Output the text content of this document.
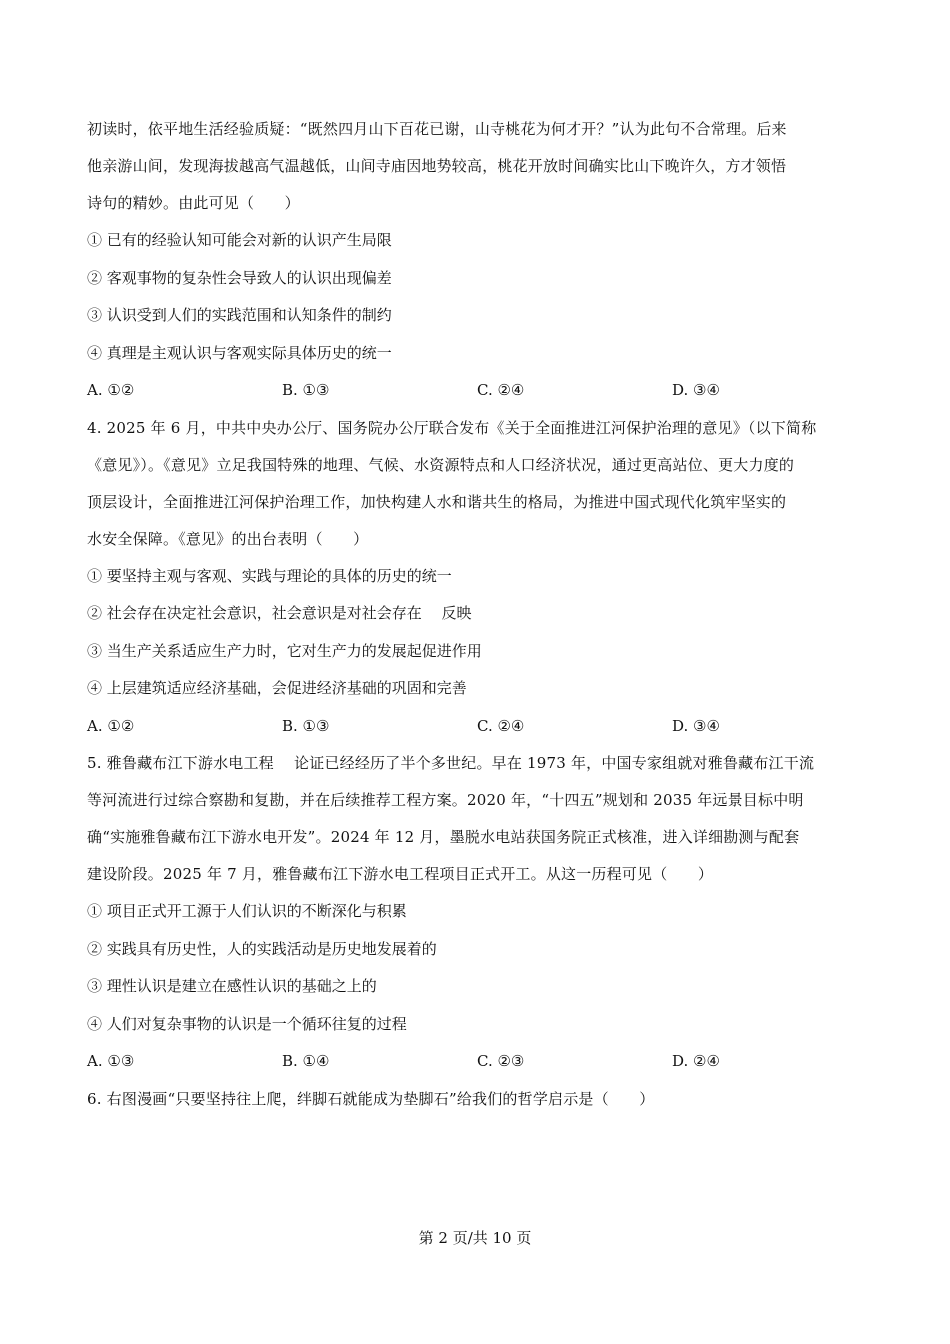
初读时，依平地生活经验质疑：“既然四月山下百花已谢，山寺桃花为何才开？”认为此句不合常理。后来

他亲游山间，发现海拔越高气温越低，山间寺庙因地势较高，桃花开放时间确实比山下晚许久，方才领悟

诗句的精妙。由此可见（　　）

① 已有的经验认知可能会对新的认识产生局限

② 客观事物的复杂性会导致人的认识出现偏差

③ 认识受到人们的实践范围和认知条件的制约

④ 真理是主观认识与客观实际具体历史的统一

A. ①②	B. ①③	C. ②④	D. ③④

4. 2025 年 6 月，中共中央办公厅、国务院办公厅联合发布《关于全面推进江河保护治理的意见》（以下简称

《意见》）。《意见》立足我国特殊的地理、气候、水资源特点和人口经济状况，通过更高站位、更大力度的

顶层设计，全面推进江河保护治理工作，加快构建人水和谐共生的格局，为推进中国式现代化筑牢坚实的

水安全保障。《意见》的出台表明（　　）

① 要坚持主观与客观、实践与理论的具体的历史的统一

② 社会存在决定社会意识，社会意识是对社会存在　 反映

③ 当生产关系适应生产力时，它对生产力的发展起促进作用

④ 上层建筑适应经济基础，会促进经济基础的巩固和完善

A. ①②	B. ①③	C. ②④	D. ③④

5. 雅鲁藏布江下游水电工程　 论证已经经历了半个多世纪。早在 1973 年，中国专家组就对雅鲁藏布江干流

等河流进行过综合察勘和复勘，并在后续推荐工程方案。2020 年，“十四五”规划和 2035 年远景目标中明

确“实施雅鲁藏布江下游水电开发”。2024 年 12 月，墨脱水电站获国务院正式核准，进入详细勘测与配套

建设阶段。2025 年 7 月，雅鲁藏布江下游水电工程项目正式开工。从这一历程可见（　　）

① 项目正式开工源于人们认识的不断深化与积累

② 实践具有历史性，人的实践活动是历史地发展着的

③ 理性认识是建立在感性认识的基础之上的

④ 人们对复杂事物的认识是一个循环往复的过程

A. ①③	B. ①④	C. ②③	D. ②④

6. 右图漫画“只要坚持往上爬，绊脚石就能成为垫脚石”给我们的哲学启示是（　　）

第 2 页/共 10 页
